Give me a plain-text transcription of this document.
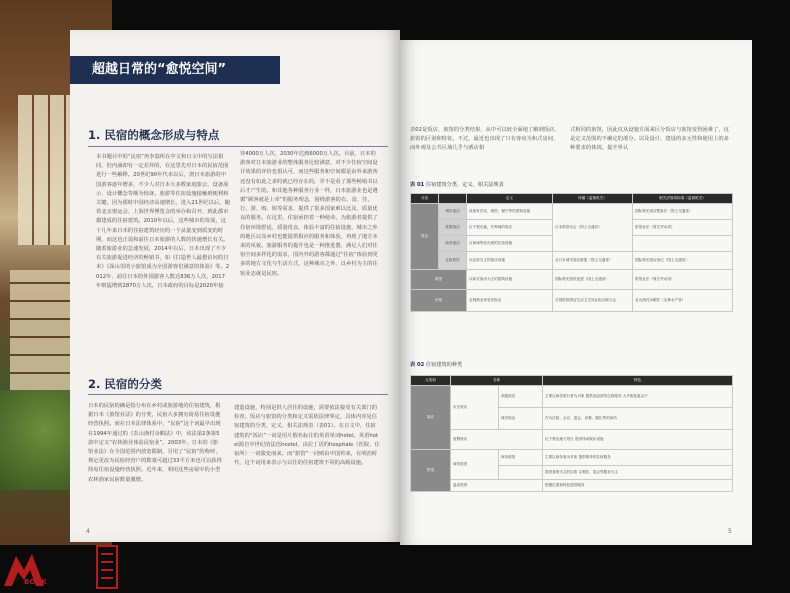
超越日常的“愈悦空间”
1. 民宿的概念形成与特点
本书题目中的“民宿”再李翁所在中文和日文中的写法相同，但内涵却有一定差异的，在这里先对日本的民宿范围进行一些解释。20世纪90年代末以后，剖日本旅游的中国游客逐年增多，不少人对日本大多数家庭旅公、设备展示、设计概念等颇为惊讶。旅游等住宿设施接触到便利和关键。因为那时中国经济高速增长，进入21世纪以后，随着北京奥运会、上海世界博览会的举办和召开，到此都市都建成的住宿建筑。2010年以后，这些城市的发展，这十几年来日本的住宿建筑经历的一个从量变到质变的时期，而这也正说和前往日本旅游的人数的快速增长有关。随着旅游业的急速发展，2014年以后，日本出现了不少有关旅游促进经济的畅销书，如《打造世人最想访问的日本》《深山里的小旅馆成为全国游客们满意的体验》等。2012年，前往日本的外国游客人数达836万人次，2017年则猛增到2870万人次，日本政府的目标是2020年接
待4000万人次，2030年达到6000万人次。目前，日本的游客对日本旅游业的整体服务比较满意，对不少住宿空间设计效果的评价也很认可，而这些服务和空间都是由外来游客还没有如此之多时就已经存在的，并不是看了那些畅销书以后才产生的。和其他各种服务行业一样，日本旅游业也是遵循“顾客就是上帝”的服务理念，围绕游客的衣、食、住、行、游、购、娱等需求，提供了很多国家难以比及、质量优良的服务。在这里，住宿承担着一种使命，为旅游者提供了住宿环境舒适、质量优良、体验丰富的住宿设施，城市之外的地区以及乡村也能提供相应的服务和体验，再现了地方本来的风貌。旅游服务的提升也是一种推进器，满足人们对住宿空间多样化的需求，国内外的游客都通过“住宿”体验到更多的地方文化与生活方式，这种城市之外、以乡村为主的住宿业态就是民宿。
2. 民宿的分类
日本的民宿的确是指分布在乡村或旅游地的住宿建筑，根据日本《旅馆业法》的分类，民宿大多拥有简易住宿设施经营执照。而在日本法律体系中，“民宿”这个词最早出现在1994年通过的《农山渔村余暇法》中，该法第2条第5款中定义“农林渔业体验民宿业”。2003年，日本的《旅馆业法》在全国范围内放宽限制，引用了“民宿”的称呼，规定更改为民宿经营户的数量可超过33平方米也可以获得简易住宿设施经营执照。近年来，利用这些房屋中的小型农林渔家民宿数量激增。
建造设施，特别是供人居住的设施，需要依法接受有关部门的检查。饭店与旅馆的分类和定义需依法律界定，具体内容见住宿建筑的分类、定义、相关法规表（表01）。在日文中，住宿建筑的“饭店”一词是用片假名标注的英语单词hotel。英语hotel源自中世纪的法语hostel，由拉丁语的hospitale（医院、住宿所）一词演变而来。而“旅馆”一词则由中国传来，在明治时代，这个词用来表示与以往的住宿建筑不同的高级设施。
4
表02是饭店、旅馆的分类结果，从中可以较全面地了解到饭店、旅馆的区别和特征。不过，最近也出现了只有客房为和式房间、而外观及公共区域几乎与酒店相
式相同的旅馆，因此仅从设施方面来区分饭店与旅馆变得困难了，这是定义范围的不确定的部分。以及设计、建设的多元性和使用上的多种要求的体现。提升界认
表 01 住宿建筑分类、定义、相关法规表
分类		定义	所属（监督机关）	相关法规或标准（监督机关）
饭店	城市饭店	设备有洋室、餐馆，餐厅等的建筑设施	日本旅馆协会（国土交通省）	国际观光饭店整备法（国土交通省）
	度假饭店	位于观光地，疗养地的饭店		旅馆业法（厚生劳动省）
	商务饭店	在商城等处出现的住宿设施		
	住宿旅馆	以住宿为主的饭店设施	全日本城市饭店联盟（国土交通省）	国际观光饭店登记（国土交通省）
旅馆		以和式客房为主的建筑设施	国际观光旅馆连盟（国土交通省）	旅馆业法（厚生劳动省）
民宿		农林渔业体验民宿业	全国旅馆酒店生活卫生同业组合联合会	农山渔村余暇法（农林水产省）
表 02 住宿建筑的种类
大类别	名称		特色
饭店	市区饭店	高级饭店	主要以商务旅行者为对象 提供高品质的住宿服务 大多配备宴会厅
		城市饭店	作为住宿、会议、宴会、用餐、婚礼等的场所
	度假饭店		位于观光地与景区 提供休闲娱乐设施
旅馆	城市旅馆	商务旅馆	主要以商务客为对象 提供简单的住宿服务
			提供食物为主的住宿 以餐饮、宴会等服务为主
	温泉旅馆		根据位置和特色提供服务
5
BOOK
